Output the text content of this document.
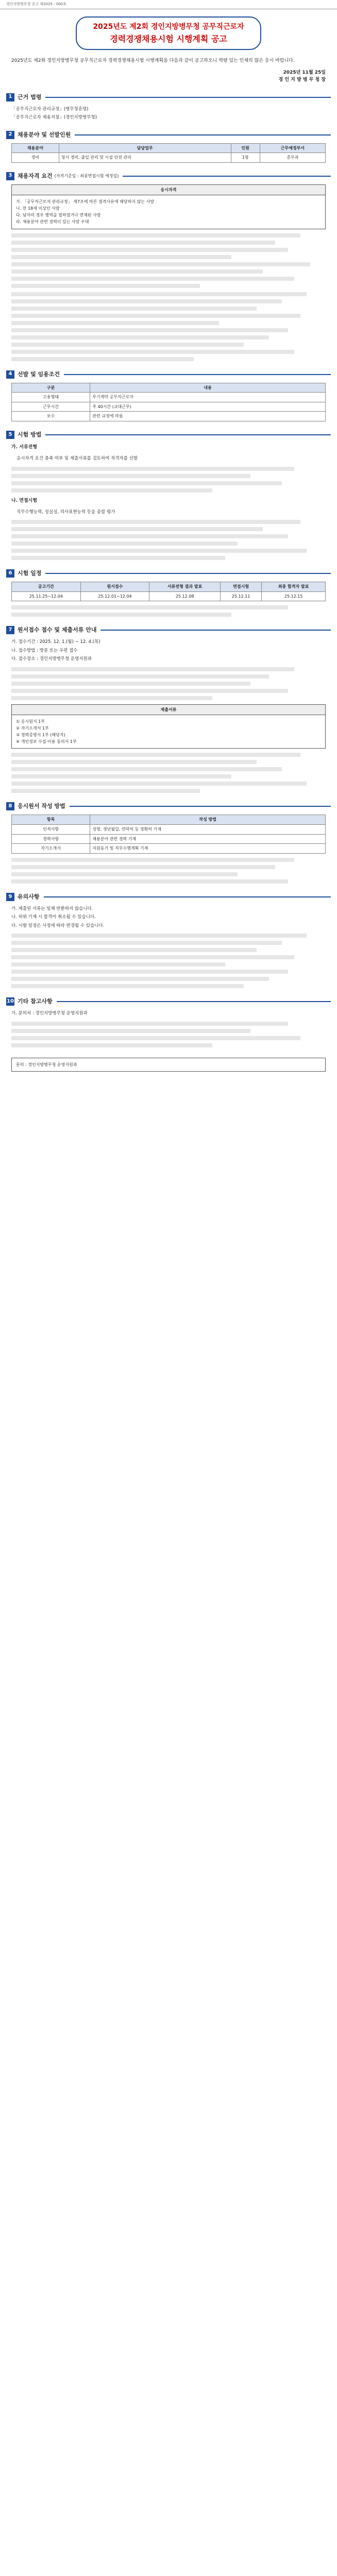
경인지방병무청 공고 제2025 - 000호
2025년도 제2회 경인지방병무청 공무직근로자
경력경쟁채용시험 시행계획 공고
2025년도 제2회 경인지방병무청 공무직근로자 경력경쟁채용시험 시행계획을 다음과 같이 공고하오니 역량 있는 인재의 많은 응시 바랍니다.
2025년 11월 25일
경 인 지 방 병 무 청 장
1 근거 법령

「공무직근로자 관리규정」(병무청훈령)

「공무직근로자 채용지침」(경인지방병무청)

2 채용분야 및 선발인원
채용분야	담당업무	인원	근무예정부서
경비	청사 경비, 출입 관리 및 시설 안전 관리	1명	총무과
3 채용자격 요건 (자격기준일 : 최종면접시험 예정일)
응시자격
가. 「공무직근로자 관리규정」 제7조에 따른 결격사유에 해당하지 않는 사람
나. 만 18세 이상인 사람
다. 남자의 경우 병역을 필하였거나 면제된 사람
라. 채용분야 관련 경력이 있는 사람 우대
4 선발 및 임용조건
구분	내용
고용형태	무기계약 공무직근로자
근무시간	주 40시간 (교대근무)
보수	관련 규정에 따름
5 시험 방법
가. 서류전형
응시자격 요건 충족 여부 및 제출서류를 검토하여 적격자를 선발
나. 면접시험
직무수행능력, 성실성, 의사표현능력 등을 종합 평가
6 시험 일정
공고기간	원서접수	서류전형 결과 발표	면접시험	최종 합격자 발표
25.11.25~12.04	25.12.01~12.04	25.12.08	25.12.11	25.12.15
7 원서접수 접수 및 제출서류 안내

가. 접수기간 : 2025. 12. 1.(월) ~ 12. 4.(목)

나. 접수방법 : 방문 또는 우편 접수

다. 접수장소 : 경인지방병무청 운영지원과

제출서류
① 응시원서 1부
② 자기소개서 1부
③ 경력증명서 1부 (해당자)
④ 개인정보 수집·이용 동의서 1부
8 응시원서 작성 방법
항목	작성 방법
인적사항	성명, 생년월일, 연락처 등 정확히 기재
경력사항	채용분야 관련 경력 기재
자기소개서	지원동기 및 직무수행계획 기재
9 유의사항

가. 제출된 서류는 일체 반환하지 않습니다.

나. 허위 기재 시 합격이 취소될 수 있습니다.

다. 시험 일정은 사정에 따라 변경될 수 있습니다.

10 기타 참고사항

가. 문의처 : 경인지방병무청 운영지원과

문의 : 경인지방병무청 운영지원과
